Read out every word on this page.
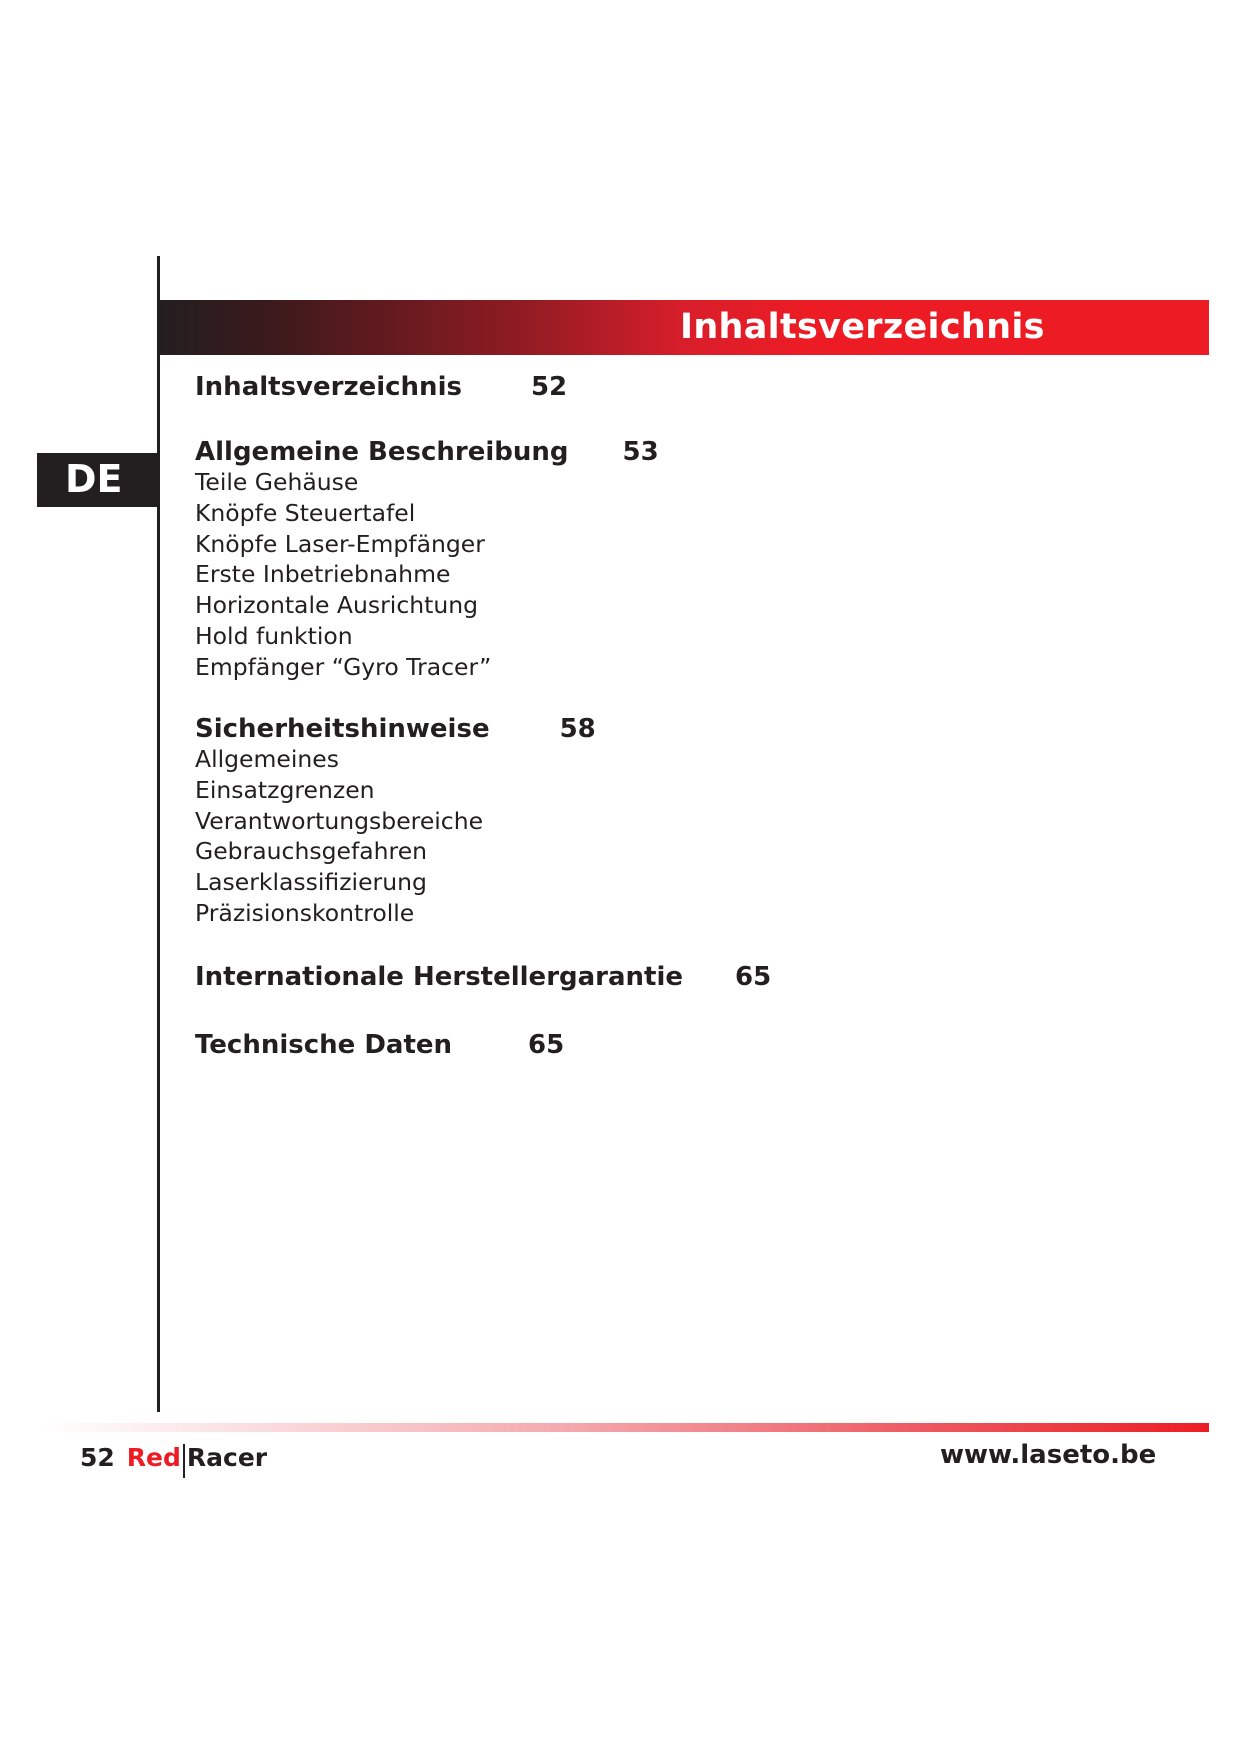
Inhaltsverzeichnis
DE
Inhaltsverzeichnis	52
Allgemeine Beschreibung 53
Teile Gehäuse
Knöpfe Steuertafel
Knöpfe Laser-Empfänger
Erste Inbetriebnahme
Horizontale Ausrichtung
Hold funktion
Empfänger “Gyro Tracer”
Sicherheitshinweise	58
Allgemeines
Einsatzgrenzen
Verantwortungsbereiche
Gebrauchsgefahren
Laserklassifizierung
Präzisionskontrolle
Internationale Herstellergarantie 65
Technische Daten	65
52 Red Racer	www.laseto.be
